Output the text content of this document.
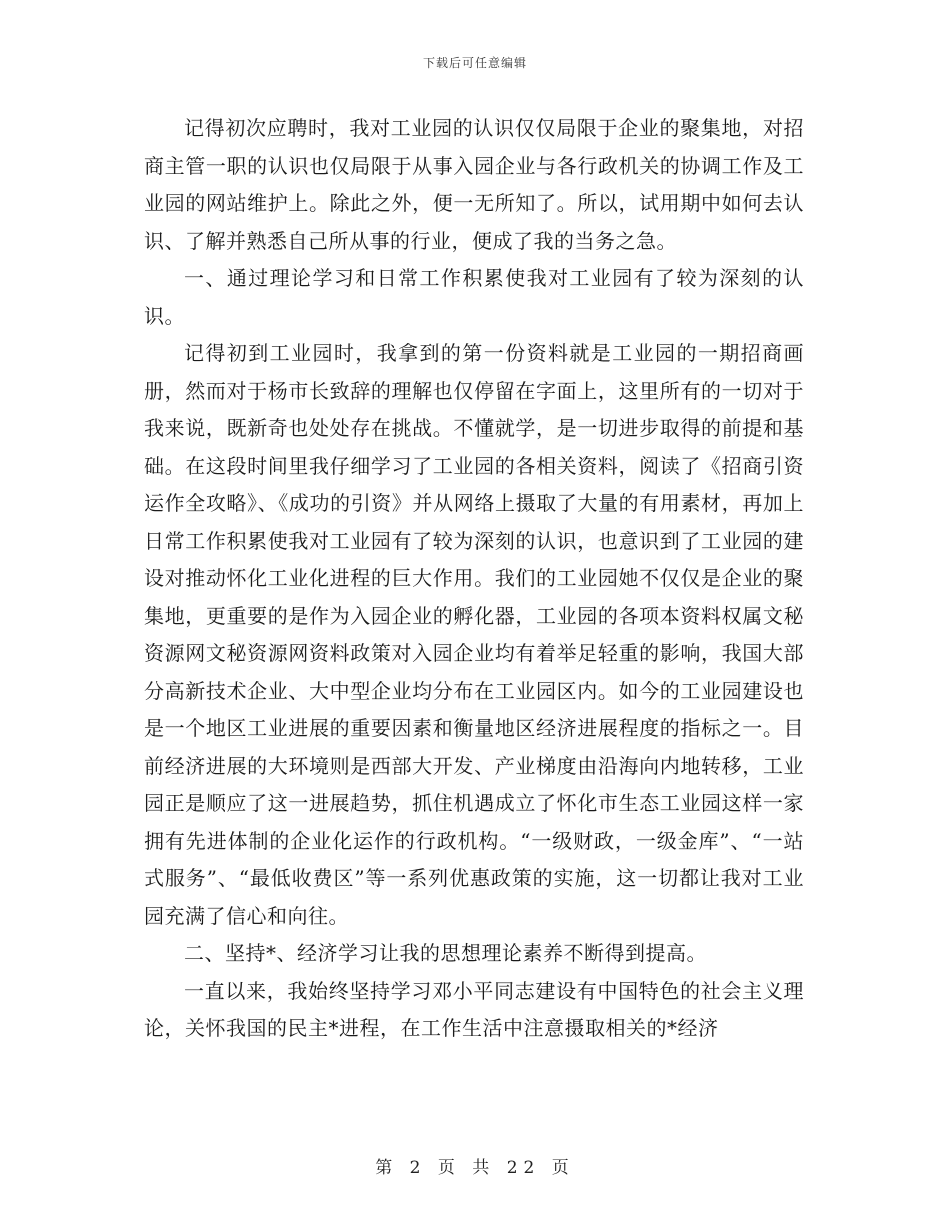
下载后可任意编辑

记得初次应聘时，我对工业园的认识仅仅局限于企业的聚集地，对招商主管一职的认识也仅局限于从事入园企业与各行政机关的协调工作及工业园的网站维护上。除此之外，便一无所知了。所以，试用期中如何去认识、了解并熟悉自己所从事的行业，便成了我的当务之急。

一、通过理论学习和日常工作积累使我对工业园有了较为深刻的认识。

记得初到工业园时，我拿到的第一份资料就是工业园的一期招商画册，然而对于杨市长致辞的理解也仅停留在字面上，这里所有的一切对于我来说，既新奇也处处存在挑战。不懂就学，是一切进步取得的前提和基础。在这段时间里我仔细学习了工业园的各相关资料，阅读了《招商引资运作全攻略》、《成功的引资》并从网络上摄取了大量的有用素材，再加上日常工作积累使我对工业园有了较为深刻的认识，也意识到了工业园的建设对推动怀化工业化进程的巨大作用。我们的工业园她不仅仅是企业的聚集地，更重要的是作为入园企业的孵化器，工业园的各项本资料权属文秘资源网文秘资源网资料政策对入园企业均有着举足轻重的影响，我国大部分高新技术企业、大中型企业均分布在工业园区内。如今的工业园建设也是一个地区工业进展的重要因素和衡量地区经济进展程度的指标之一。目前经济进展的大环境则是西部大开发、产业梯度由沿海向内地转移，工业园正是顺应了这一进展趋势，抓住机遇成立了怀化市生态工业园这样一家拥有先进体制的企业化运作的行政机构。“一级财政，一级金库”、“一站式服务”、“最低收费区”等一系列优惠政策的实施，这一切都让我对工业园充满了信心和向往。

二、坚持*、经济学习让我的思想理论素养不断得到提高。

一直以来，我始终坚持学习邓小平同志建设有中国特色的社会主义理论，关怀我国的民主*进程，在工作生活中注意摄取相关的*经济

第 2 页 共 22 页
